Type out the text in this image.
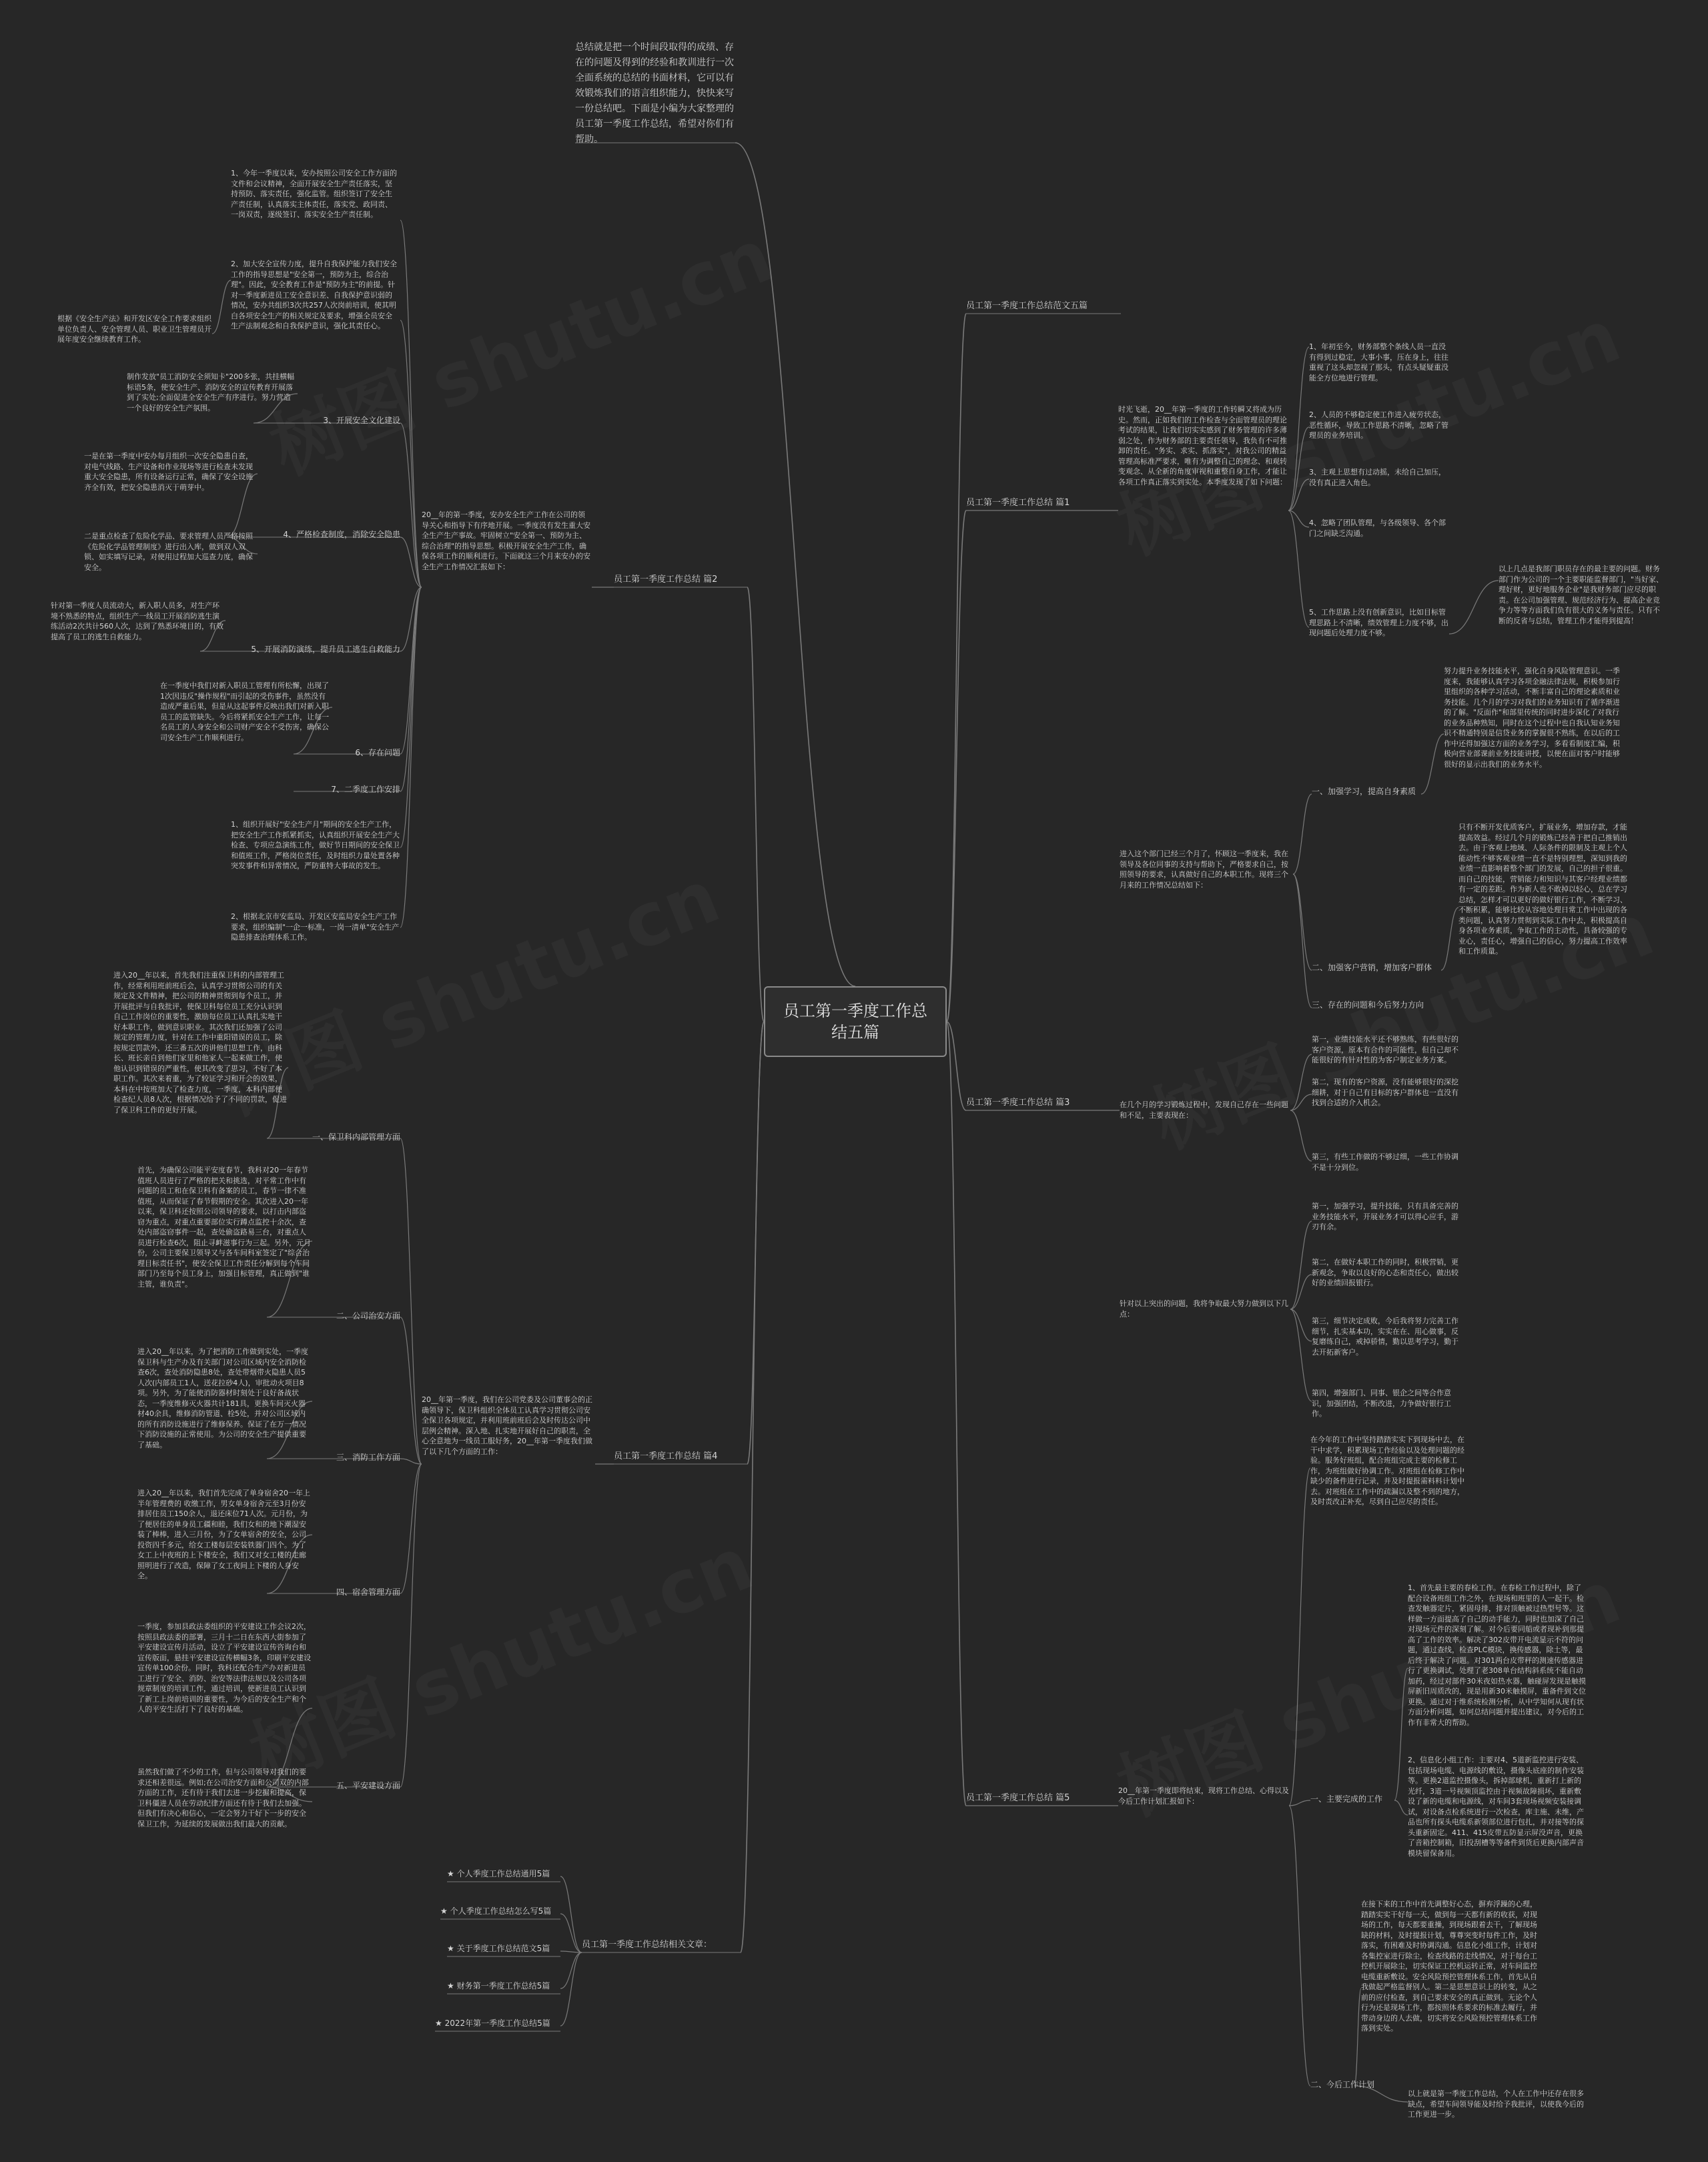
员工第一季度工作总结五篇
总结就是把一个时间段取得的成绩、存在的问题及得到的经验和教训进行一次全面系统的总结的书面材料，它可以有效锻炼我们的语言组织能力，快快来写一份总结吧。下面是小编为大家整理的员工第一季度工作总结，希望对你们有帮助。
员工第一季度工作总结范文五篇
员工第一季度工作总结 篇1
员工第一季度工作总结 篇2
员工第一季度工作总结 篇3
员工第一季度工作总结 篇4
员工第一季度工作总结 篇5
员工第一季度工作总结相关文章：
时光飞逝，20__年第一季度的工作转瞬又将成为历史。然而，正如我们的工作检查与全面管理员的理论考试的结果，让我们切实实感到了财务管理的许多薄弱之处，作为财务部的主要责任领导，我负有不可推卸的责任。"务实、求实、抓落实"，对我公司的精益管理高标准严要求，唯有为调整自己的理念、和观转变观念、从全新的角度审视和重整自身工作，才能让各项工作真正落实到实处。本季度发现了如下问题：
1、年初至今，财务部整个条线人员一直没有得到过稳定，大事小事，压在身上，往往重视了这头却忽视了那头，有点头疑疑重没能全方位地进行管理。
2、人员的不够稳定使工作进入疲劳状态，恶性循环，导致工作思路不清晰，忽略了管理员的业务培训。
3、主观上思想有过动摇，未给自己加压，没有真正进入角色。
4、忽略了团队管理，与各级领导、各个部门之间缺乏沟通。
5、工作思路上没有创新意识，比如目标管理思路上不清晰，绩效管理上力度不够，出现问题后处理力度不够。
以上几点是我部门职员存在的最主要的问题。财务部门作为公司的一个主要职能监督部门，"当好家、理好财，更好地服务企业"是我财务部门应尽的职责。在公司加强管理、规范经济行为、提高企业竞争力等等方面我们负有很大的义务与责任。只有不断的反省与总结，管理工作才能得到提高！
20__年的第一季度，安办安全生产工作在公司的领导关心和指导下有序地开展。一季度没有发生重大安全生产生产事故。牢固树立"安全第一、预防为主、综合治理"的指导思想。积极开展安全生产工作，确保各项工作的顺利进行。下面就这三个月来安办的安全生产工作情况汇报如下：
1、今年一季度以来，安办按照公司安全工作方面的文件和会议精神，全面开展安全生产责任落实，坚持预防、落实责任，强化监管。组织签订了安全生产责任制，认真落实主体责任，落实党、政同责、一岗双责，逐级签订、落实安全生产责任制。
2、加大安全宣传力度，提升自我保护能力我们安全工作的指导思想是"安全第一，预防为主，综合治理"。因此，安全教育工作是"预防为主"的前提。针对一季度新进员工安全意识差、自我保护意识弱的情况，安办共组织3次共257人次岗前培训，使其明白各项安全生产的相关规定及要求，增强全员安全生产法制观念和自我保护意识，强化其责任心。
根据《安全生产法》和开发区安全工作要求组织单位负责人、安全管理人员、职业卫生管理员开展年度安全继续教育工作。
3、开展安全文化建设
制作发放"员工消防安全须知卡"200多张，共挂横幅标语5条，使安全生产、消防安全的宣传教育开展落到了实处;全面促进全安全生产有序进行。努力营造一个良好的安全生产氛围。
4、严格检查制度，消除安全隐患
一是在第一季度中安办每月组织一次安全隐患自查，对电气线路、生产设备和作业现场等进行检查未发现重大安全隐患，所有设备运行正常，确保了安全设施齐全有效，把安全隐患消灭于萌芽中。
二是重点检查了危险化学品、要求管理人员严格按照《危险化学品管理制度》进行出入库，做到双人双锁、如实填写记录，对使用过程加大巡查力度，确保安全。
5、开展消防演练，提升员工逃生自救能力
针对第一季度人员流动大，新入职人员多，对生产环境不熟悉的特点，组织生产一线员工开展消防逃生演练活动2次共计560人次，达到了熟悉环境目的，有效提高了员工的逃生自救能力。
6、存在问题
在一季度中我们对新入职员工管理有所松懈，出现了1次因违反"操作规程"而引起的受伤事件，虽然没有造成严重后果，但是从这起事件反映出我们对新入职员工的监管缺失。今后将紧抓安全生产工作，让每一名员工的人身安全和公司财产安全不受伤害，确保公司安全生产工作顺利进行。
7、二季度工作安排
1、组织开展好"安全生产月"期间的安全生产工作，把安全生产工作抓紧抓实，认真组织开展安全生产大检查、专项应急演练工作，做好节日期间的安全保卫和值班工作，严格岗位责任，及时组织力量处置各种突发事件和异常情况，严防重特大事故的发生。
2、根据北京市安监局、开发区安监局安全生产工作要求，组织编制"一企一标准，一岗一清单"安全生产隐患排查治理体系工作。
进入这个部门已经三个月了，怀顾这一季度来，我在领导及各位同事的支持与帮助下，严格要求自己，按照领导的要求，认真做好自己的本职工作。现将三个月来的工作情况总结如下：
一、加强学习，提高自身素质
努力提升业务技能水平，强化自身风险管理意识。一季度来，我能够认真学习各项金融法律法规，积极参加行里组织的各种学习活动，不断丰富自己的理论素质和业务技能。几个月的学习对我们的业务知识有了循序渐进的了解。"反面作"和部里传统的同时进步深化了对我行的业务品种熟知，同时在这个过程中也自我认知业务知识不精通特别是信贷业务的掌握很不熟练，在以后的工作中还得加强这方面的业务学习，多看看制度汇编，积极向营业部课前业务技能讲授，以便在面对客户时能够很好的显示出我们的业务水平。
二、加强客户营销，增加客户群体
只有不断开发优质客户，扩展业务，增加存款，才能提高效益。经过几个月的锻炼已经善于把自己推销出去。由于客观上地域、人际条件的限制及主观上个人能动性不够客观业绩一直不是特别理想，深知到我的业绩一直影响着整个部门的发展，自己的担子很重。而自己的技能，营销能力和知识与其客户经理业绩都有一定的差距。作为新人也不敢掉以轻心，总在学习总结，怎样才可以更好的做好银行工作，不断学习、不断积累，能够比较从容地处理日常工作中出现的各类问题，认真努力贯彻到实际工作中去，积极提高自身各项业务素质，争取工作的主动性，具备较强的专业心，责任心，增强自己的信心，努力提高工作效率和工作质量。
三、存在的问题和今后努力方向
在几个月的学习锻炼过程中，发现自己存在一些问题和不足，主要表现在：
第一，业绩技能水平还不够熟练，有些很好的客户资源，原本有合作的可能性，但自己却不能很好的有针对性的为客户制定业务方案。
第二，现有的客户资源，没有能够很好的深挖细耕，对于自己有目标的客户群体也一直没有找到合适的介入机会。
第三，有些工作做的不够过细，一些工作协调不是十分到位。
针对以上突出的问题，我将争取最大努力做到以下几点：
第一，加强学习，提升技能，只有具备完善的业务技能水平，开展业务才可以得心应手，游刃有余。
第二，在做好本职工作的同时，积极营销，更新观念，争取以良好的心态和责任心，做出较好的业绩回报银行。
第三，细节决定成败，今后我将努力完善工作细节，扎实基本功，实实在在、用心做事，反复磨练自己，戒掉骄情，勤以思考学习，勤于去开拓新客户。
第四，增强部门、同事、银企之间等合作意识，加强团结，不断改进，力争做好银行工作。
20__年第一季度，我们在公司党委及公司董事会的正确领导下，保卫科组织全体员工认真学习贯彻公司安全保卫各项规定，并利用班前班后会及时传达公司中层例会精神。深入地、扎实地开展好自己的职责，全心全意地为一线员工服好务，20__年第一季度我们做了以下几个方面的工作：
一、保卫科内部管理方面
进入20__年以来，首先我们注重保卫科的内部管理工作，经常利用班前班后会，认真学习贯彻公司的有关规定及文件精神，把公司的精神贯彻到每个员工，并开展批评与自我批评，使保卫科每位员工充分认识到自己工作岗位的重要性，激励每位员工认真扎实地干好本职工作，做到意识职业。其次我们还加强了公司规定的管理力度，针对在工作中重阳错误的员工，除按规定罚款外，还三番五次的讲他们思想工作，由科长、班长亲自到他们家里和他家人一起来做工作，使他认识到错误的严重性，使其改变了思习，不好了本职工作。其次来着重，为了较证学习和开会的效果，本科在中按班加大了检查力度，一季度，本科内部便检查纪人员8人次，根据情况给予了不同的罚款，促进了保卫科工作的更好开展。
二、公司治安方面
首先，为确保公司能平安度春节，我科对20一年春节值班人员进行了严格的把关和挑选，对平常工作中有问题的员工和在保卫科有备案的员工，春节一律不准值班，从而保证了春节假期的安全。其次进入20一年以来，保卫科还按照公司领导的要求，以打击内部盗窃为重点，对重点重要部位实行蹲点监控十余次，查处内部盗窃事件一起，查处偷盗路易三台，对重点人员进行检查6次，阻止寻衅滋事行为三起。另外，元月份，公司主要保卫领导又与各车间科室签定了"综合治理目标责任书"，使安全保卫工作责任分解到每个车间部门乃至每个员工身上，加强目标管理，真正做到"谁主管，谁负责"。
三、消防工作方面
进入20__年以来，为了把消防工作做到实处，一季度保卫科与生产办及有关部门对公司区域内安全消防检查6次，查处消防隐患8处，查处带烟带火隐患人员5人次(内部员工1人，送花拉砂4人)，审批动火项目8项。另外，为了能使消防器材时刻处于良好备战状态，一季度维修灭火器共计181具，更换车间灭火器材40余具，维修消防管道、栓5处，并对公司区域内的所有消防设施进行了维修保养。保证了在万一情况下消防设施的正常使用。为公司的安全生产提供重要了基础。
四、宿舍管理方面
进入20__年以来，我们首先完成了单身宿舍20一年上半年管理费的 收缴工作，男女单身宿舍元至3月份安排居住员工150余人，退还床位71人次。元月份，为了便居住的单身员工疆和睦，我们女和的地下潮湿安装了棒棒，进入三月份，为了女单宿舍的安全，公司投资四千多元，给女工楼每层安装铁器门四个。为了女工上中夜班的上下楼安全，我们又对女工楼的走廊照明进行了改造，保障了女工夜间上下楼的人身安全。
五、平安建设方面
一季度，参加县政法委组织的平安建设工作会议2次，按照县政法委的部署，三月十二日在东西大街参加了平安建设宣传月活动，设立了平安建设宣传咨询台和宣传版面，悬挂平安建设宣传横幅3条，印刷平安建设宣传单100余份。同时，我科还配合生产办对新进员工进行了安全、消防、治安等法律法规以及公司各项规章制度的培训工作，通过培训，使新进员工认识到了新工上岗前培训的重要性，为今后的安全生产和个人的平安生活打下了良好的基础。
虽然我们做了不少的工作，但与公司领导对我们的要求还相差很远。例如;在公司治安方面和公司双的内部方面的工作，还有待于我们去进一步挖掘和提高，保卫科僵进人员在劳动纪律方面还有待于我们去加强。但我们有决心和信心，一定会努力干好下一步的安全保卫工作，为延续的发展做出我们最大的贡献。
20__年第一季度即将结束，现将工作总结、心得以及今后工作计划汇报如下：
在今年的工作中坚持踏踏实实下到现场中去，在干中求学，积累现场工作经验以及处理问题的经验。服务好班组，配合班组完成主要的检修工作，为班组做好协调工作。对班组在检修工作中缺少的备件进行记录，并及时提报需料料计划中去。对班组在工作中的疏漏以及整不到的地方，及时责改正补充，尽到自己应尽的责任。
一、主要完成的工作
1、首先最主要的春检工作。在春检工作过程中，除了配合设备班组工作之外，在现场和班里的人一起干。检查发触器定片，紧固母排，排对顶触被过热型号等。这样做一方面提高了自己的动手能力，同时也加深了自己对现场元件的深刻了解。对今后要同船或者现补到那提高了工作的效率。解决了302皮带开电流显示不符的问题，通过查线，检查PLC模块，换传感器，除土等，最后终于解决了问题。对301两台皮带秤的测速传感器进行了更换调试，处理了老308单台结构斜系统不能自动加药，经过对部件30米夜如热水器，触碰屏发现是触摸屏新旧周质改的，现是用新30米触摸屏，重备件到文位更换。通过对于维系统检测分析，从中学知何从现有状方面分析问题，如何总结问题并提出建议，对今后的工作有非常大的帮助。
2、信息化小组工作：主要对4、5道新监控进行安装、包括现场电缆、电源线的敷设，摄像头底座的制作安装等。更换2道监控摄像头，拆掉部球机，重新打上新的光纤，3道一号视频顶监控由于视频故障损坏，重新敷设了新的电缆和电源线，对车间3套现场视频安装接调试，对设备点检系统进行一次检查，库主施、未维，产品也所有探头电缆系新领部位进行包扎，并对接等的探头重新固定。411、415皮带五防显示屏没声音，更换了音箱控制箱，旧投刮槽等等备件到货后更换内部声音模块留保备用。
二、今后工作计划
在接下来的工作中首先调整好心态，摒弃浮躁的心理，踏踏实实干好每一天，做到每一天都有新的收获，对现场的工作，每天都要重操，到现场跟着去干，了解现场缺的材料，及时提报计划，尊尊突变时每件工作，及时落实，有困难及时协调沟通。信息化小组工作，计划对各集控室进行除尘，检查线路的走线情况，对于每台工控机开展除尘，切实保证工控机运转正常，对车间监控电缆重新敷设。安全风险预控管理体系工作，首先从自我做起严格监督别人。第二是思想意识上的转变，从之前的应付检查，到自己要求安全的真正做到。无论个人行为还是现场工作，都按照体系要求的标准去履行，并带动身边的人去做，切实将安全风险预控管理体系工作落到实处。
以上就是第一季度工作总结，个人在工作中还存在很多缺点，希望车间领导能及时给予我批评，以使我今后的工作更进一步。
★ 个人季度工作总结通用5篇
★ 个人季度工作总结怎么写5篇
★ 关于季度工作总结范文5篇
★ 财务第一季度工作总结5篇
★ 2022年第一季度工作总结5篇
